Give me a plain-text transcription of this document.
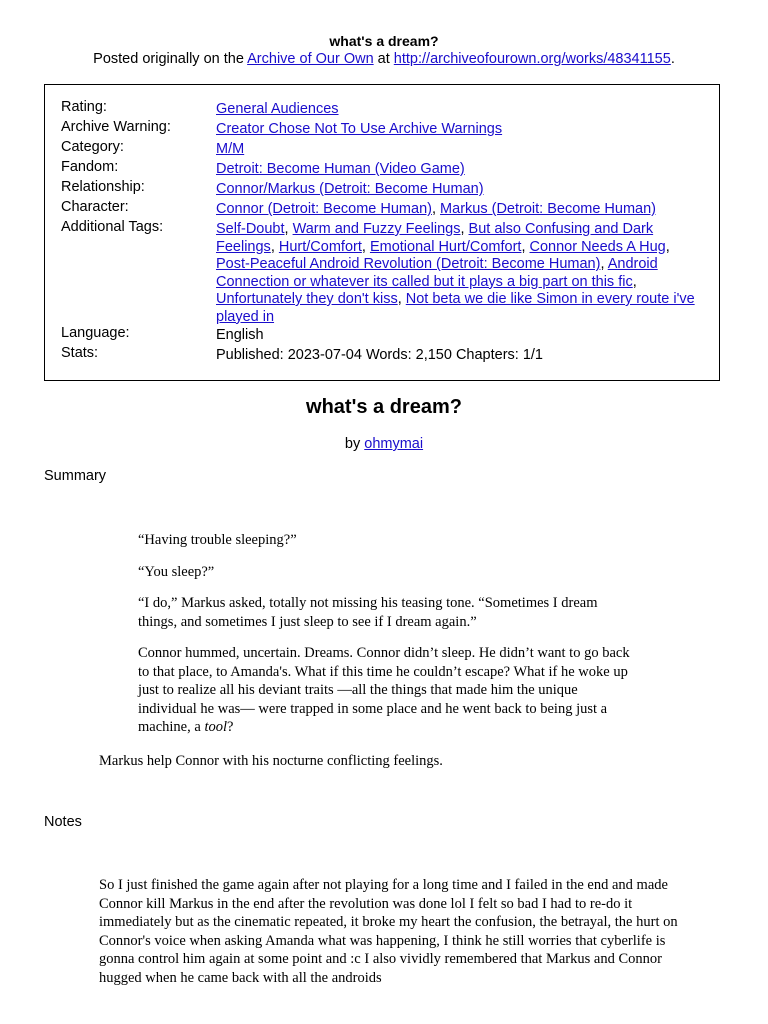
what's a dream?
Posted originally on the Archive of Our Own at http://archiveofourown.org/works/48341155.
Rating:	General Audiences
Archive Warning:	Creator Chose Not To Use Archive Warnings
Category:	M/M
Fandom:	Detroit: Become Human (Video Game)
Relationship:	Connor/Markus (Detroit: Become Human)
Character:	Connor (Detroit: Become Human), Markus (Detroit: Become Human)
Additional Tags:	Self-Doubt, Warm and Fuzzy Feelings, But also Confusing and Dark Feelings, Hurt/Comfort, Emotional Hurt/Comfort, Connor Needs A Hug, Post-Peaceful Android Revolution (Detroit: Become Human), Android Connection or whatever its called but it plays a big part on this fic, Unfortunately they don't kiss, Not beta we die like Simon in every route i've played in
Language:	English
Stats:	Published: 2023-07-04 Words: 2,150 Chapters: 1/1
what's a dream?
by ohmymai
Summary

“Having trouble sleeping?”

“You sleep?”

“I do,” Markus asked, totally not missing his teasing tone. “Sometimes I dream things, and sometimes I just sleep to see if I dream again.”

Connor hummed, uncertain. Dreams. Connor didn’t sleep. He didn’t want to go back to that place, to Amanda's. What if this time he couldn’t escape? What if he woke up just to realize all his deviant traits —all the things that made him the unique individual he was— were trapped in some place and he went back to being just a machine, a tool?

Markus help Connor with his nocturne conflicting feelings.
Notes
So I just finished the game again after not playing for a long time and I failed in the end and made Connor kill Markus in the end after the revolution was done lol I felt so bad I had to re-do it immediately but as the cinematic repeated, it broke my heart the confusion, the betrayal, the hurt on Connor's voice when asking Amanda what was happening, I think he still worries that cyberlife is gonna control him again at some point and :c I also vividly remembered that Markus and Connor hugged when he came back with all the androids
